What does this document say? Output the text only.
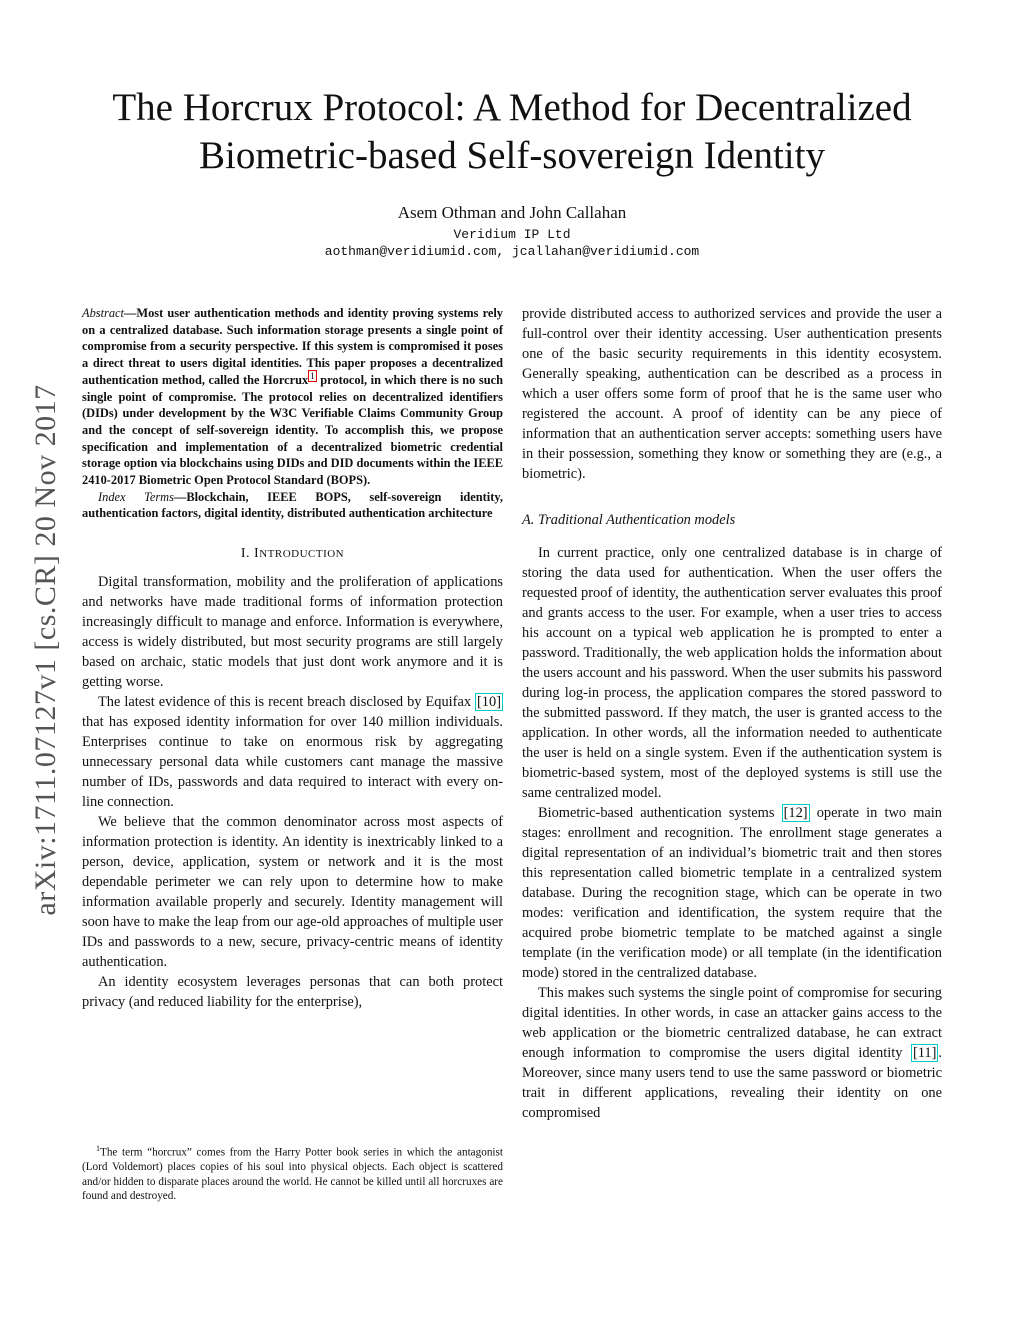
arXiv:1711.07127v1 [cs.CR] 20 Nov 2017
The Horcrux Protocol: A Method for Decentralized
Biometric-based Self-sovereign Identity
Asem Othman and John Callahan
Veridium IP Ltd
aothman@veridiumid.com, jcallahan@veridiumid.com

Abstract—Most user authentication methods and identity proving systems rely on a centralized database. Such information storage presents a single point of compromise from a security perspective. If this system is compromised it poses a direct threat to users digital identities. This paper proposes a decentralized authentication method, called the Horcrux $^1$ protocol, in which there is no such single point of compromise. The protocol relies on decentralized identifiers (DIDs) under development by the W3C Verifiable Claims Community Group and the concept of self-sovereign identity. To accomplish this, we propose specification and implementation of a decentralized biometric credential storage option via blockchains using DIDs and DID documents within the IEEE 2410-2017 Biometric Open Protocol Standard (BOPS).

Index Terms—Blockchain, IEEE BOPS, self-sovereign identity, authentication factors, digital identity, distributed authentication architecture

I. INTRODUCTION

Digital transformation, mobility and the proliferation of applications and networks have made traditional forms of information protection increasingly difficult to manage and enforce. Information is everywhere, access is widely distributed, but most security programs are still largely based on archaic, static models that just dont work anymore and it is getting worse.

The latest evidence of this is recent breach disclosed by Equifax [10] that has exposed identity information for over 140 million individuals. Enterprises continue to take on enormous risk by aggregating unnecessary personal data while customers cant manage the massive number of IDs, passwords and data required to interact with every on-line connection.

We believe that the common denominator across most aspects of information protection is identity. An identity is inextricably linked to a person, device, application, system or network and it is the most dependable perimeter we can rely upon to determine how to make information available properly and securely. Identity management will soon have to make the leap from our age-old approaches of multiple user IDs and passwords to a new, secure, privacy-centric means of identity authentication.

An identity ecosystem leverages personas that can both protect privacy (and reduced liability for the enterprise),

$^1$The term “horcrux” comes from the Harry Potter book series in which the antagonist (Lord Voldemort) places copies of his soul into physical objects. Each object is scattered and/or hidden to disparate places around the world. He cannot be killed until all horcruxes are found and destroyed.

provide distributed access to authorized services and provide the user a full-control over their identity accessing. User authentication presents one of the basic security requirements in this identity ecosystem. Generally speaking, authentication can be described as a process in which a user offers some form of proof that he is the same user who registered the account. A proof of identity can be any piece of information that an authentication server accepts: something users have in their possession, something they know or something they are (e.g., a biometric).

A. Traditional Authentication models

In current practice, only one centralized database is in charge of storing the data used for authentication. When the user offers the requested proof of identity, the authentication server evaluates this proof and grants access to the user. For example, when a user tries to access his account on a typical web application he is prompted to enter a password. Traditionally, the web application holds the information about the users account and his password. When the user submits his password during log-in process, the application compares the stored password to the submitted password. If they match, the user is granted access to the application. In other words, all the information needed to authenticate the user is held on a single system. Even if the authentication system is biometric-based system, most of the deployed systems is still use the same centralized model.

Biometric-based authentication systems [12] operate in two main stages: enrollment and recognition. The enrollment stage generates a digital representation of an individual’s biometric trait and then stores this representation called biometric template in a centralized system database. During the recognition stage, which can be operate in two modes: verification and identification, the system require that the acquired probe biometric template to be matched against a single template (in the verification mode) or all template (in the identification mode) stored in the centralized database.

This makes such systems the single point of compromise for securing digital identities. In other words, in case an attacker gains access to the web application or the biometric centralized database, he can extract enough information to compromise the users digital identity [11] . Moreover, since many users tend to use the same password or biometric trait in different applications, revealing their identity on one compromised
